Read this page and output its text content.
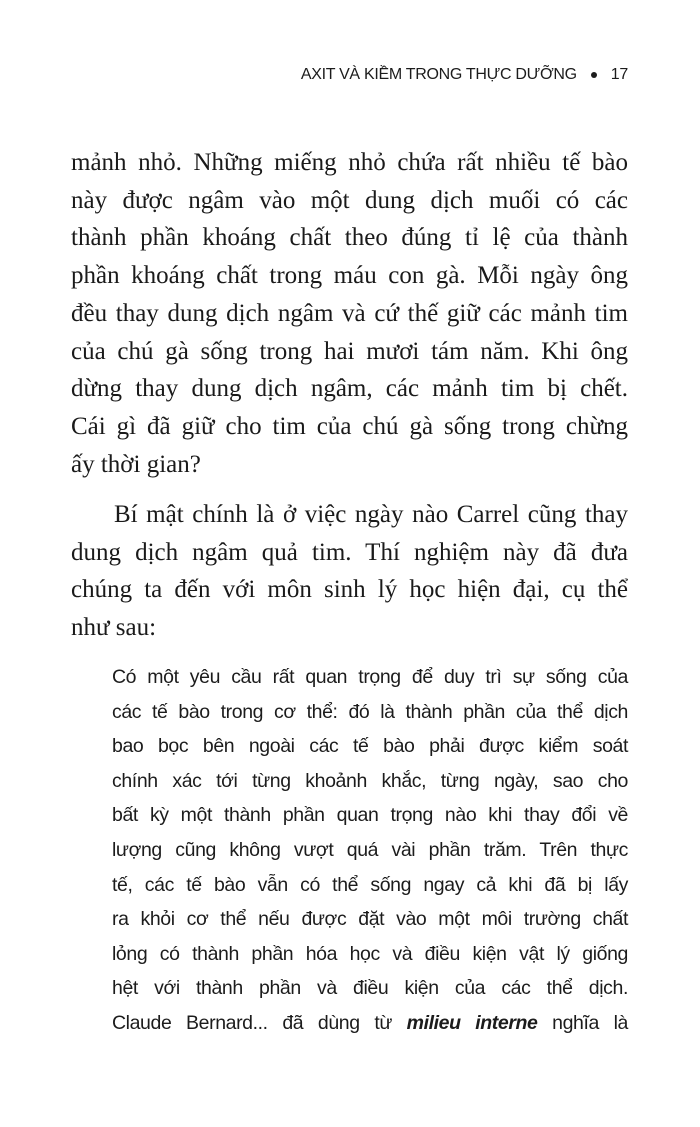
AXIT VÀ KIỀM TRONG THỰC DƯỠNG 17
mảnh nhỏ. Những miếng nhỏ chứa rất nhiều tế bào
này được ngâm vào một dung dịch muối có các
thành phần khoáng chất theo đúng tỉ lệ của thành
phần khoáng chất trong máu con gà. Mỗi ngày ông
đều thay dung dịch ngâm và cứ thế giữ các mảnh tim
của chú gà sống trong hai mươi tám năm. Khi ông
dừng thay dung dịch ngâm, các mảnh tim bị chết.
Cái gì đã giữ cho tim của chú gà sống trong chừng
ấy thời gian?
Bí mật chính là ở việc ngày nào Carrel cũng thay
dung dịch ngâm quả tim. Thí nghiệm này đã đưa
chúng ta đến với môn sinh lý học hiện đại, cụ thể
như sau:
Có một yêu cầu rất quan trọng để duy trì sự sống của
các tế bào trong cơ thể: đó là thành phần của thể dịch
bao bọc bên ngoài các tế bào phải được kiểm soát
chính xác tới từng khoảnh khắc, từng ngày, sao cho
bất kỳ một thành phần quan trọng nào khi thay đổi về
lượng cũng không vượt quá vài phần trăm. Trên thực
tế, các tế bào vẫn có thể sống ngay cả khi đã bị lấy
ra khỏi cơ thể nếu được đặt vào một môi trường chất
lỏng có thành phần hóa học và điều kiện vật lý giống
hệt với thành phần và điều kiện của các thể dịch.
Claude Bernard... đã dùng từ milieu interne nghĩa là
